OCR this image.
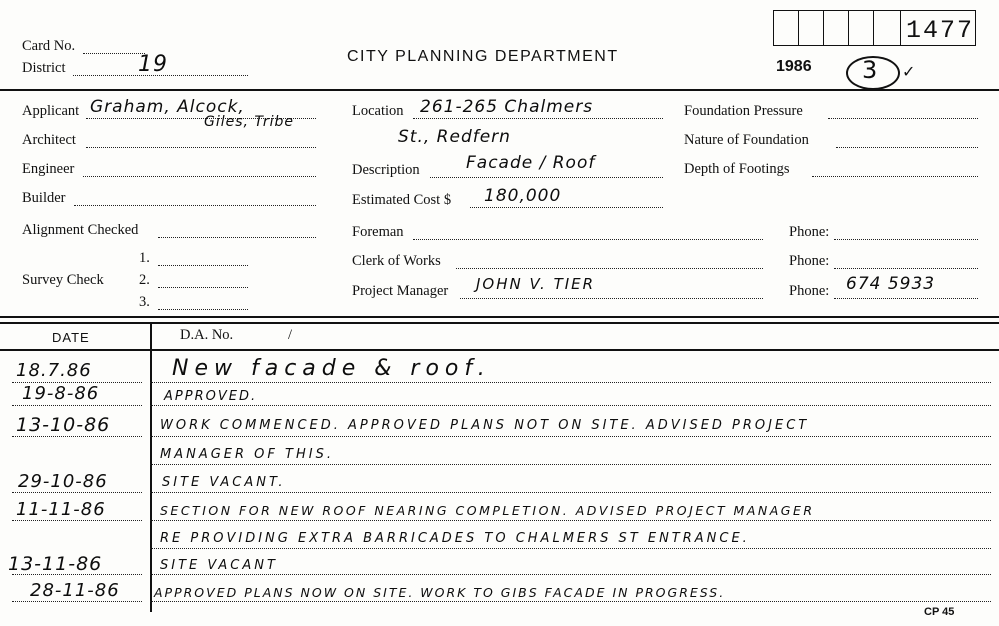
Card No.
District	19	CITY PLANNING DEPARTMENT
1986
1477
3 ✓
Applicant Graham, Alcock,
Giles, Tribe
Architect
Engineer
Builder
Alignment Checked
Survey Check
1.
2.
3.
Location 261-265 Chalmers
St., Redfern
Description	Facade / Roof
Estimated Cost $ 180,000
Foreman
Clerk of Works
Project Manager JOHN V. TIER
Foundation Pressure
Nature of Foundation
Depth of Footings
Phone:
Phone:
Phone: 674 5933
DATE	D.A. No.	/
18.7.86	New facade & roof.
19-8-86	APPROVED.
13-10-86	WORK COMMENCED. APPROVED PLANS NOT ON SITE. ADVISED PROJECT
MANAGER OF THIS.
29-10-86	SITE VACANT.
11-11-86	SECTION FOR NEW ROOF NEARING COMPLETION. ADVISED PROJECT MANAGER
RE PROVIDING EXTRA BARRICADES TO CHALMERS ST ENTRANCE.
13-11-86	SITE VACANT
28-11-86	APPROVED PLANS NOW ON SITE. WORK TO GIBS FACADE IN PROGRESS.
CP 45
